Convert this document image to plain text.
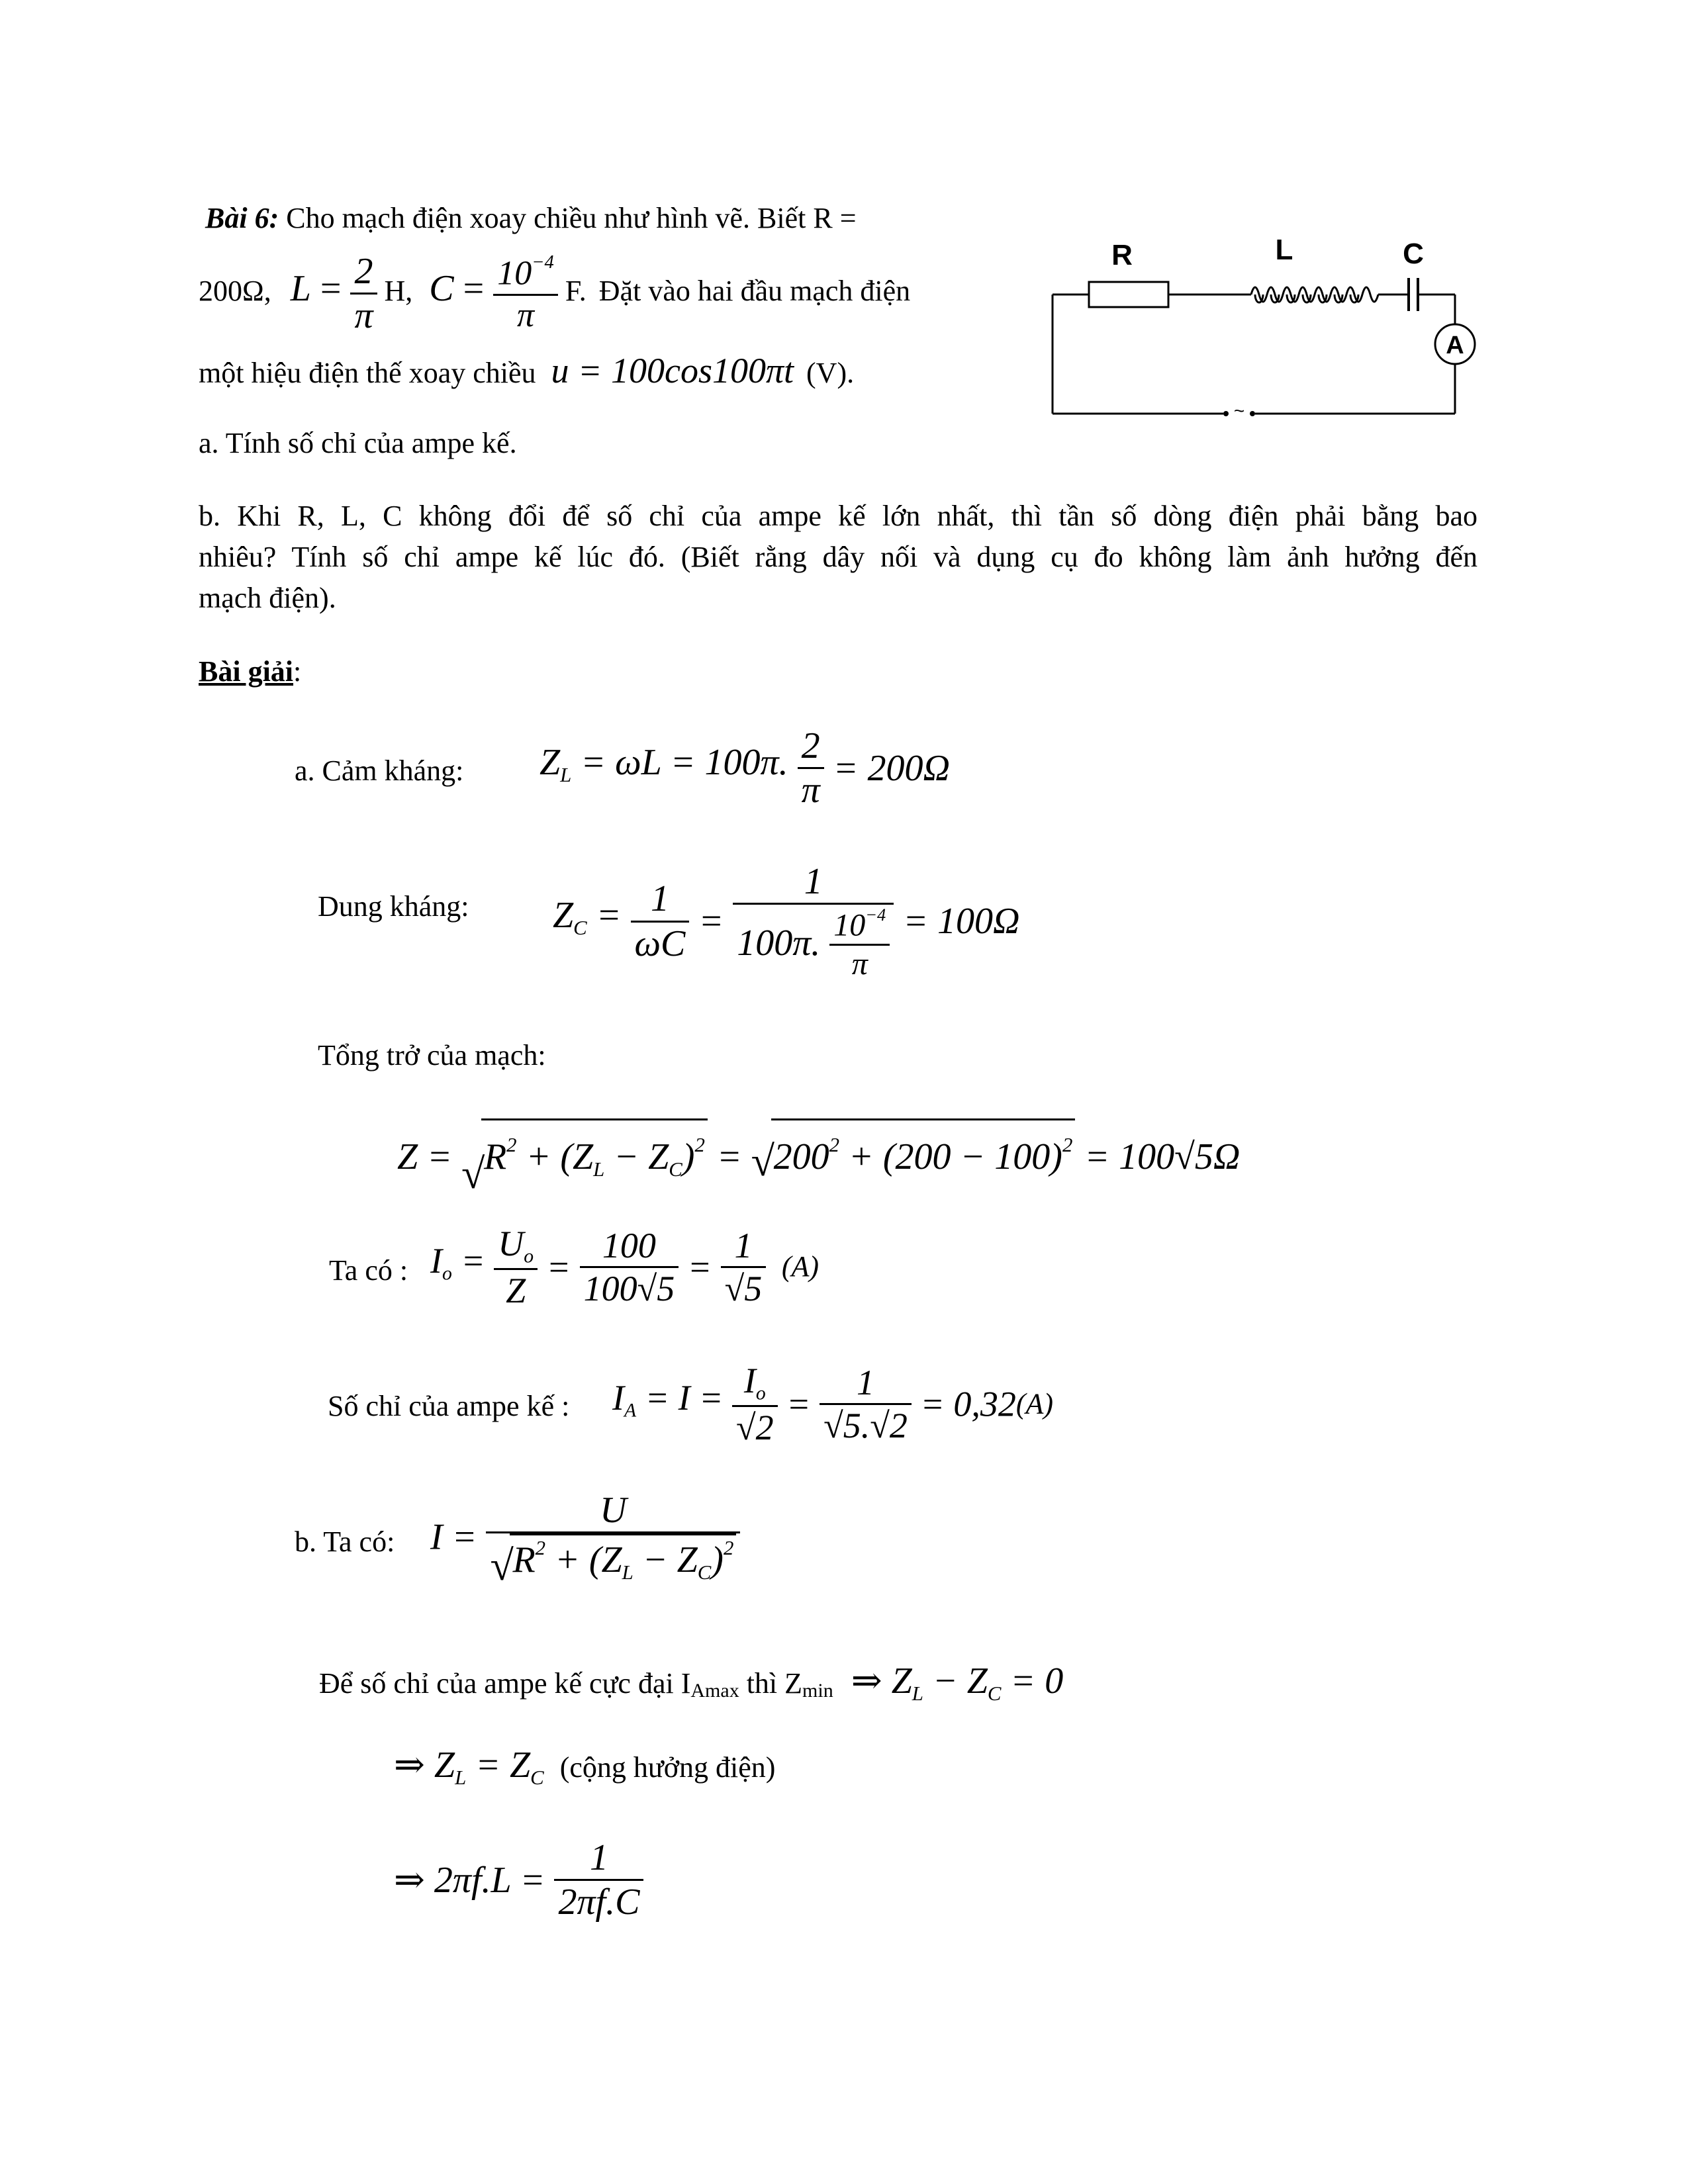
Bài 6: Cho mạch điện xoay chiều như hình vẽ. Biết R =
200Ω, $L = \frac{2}{\pi} H$, $C = \frac{10^{-4}}{\pi} F$. Đặt vào hai đầu mạch điện
một hiệu điện thế xoay chiều u = 100cos100πt (V).
a. Tính số chỉ của ampe kế.
b. Khi R, L, C không đổi để số chỉ của ampe kế lớn nhất, thì tần số dòng điện phải bằng bao
nhiêu? Tính số chỉ ampe kế lúc đó. (Biết rằng dây nối và dụng cụ đo không làm ảnh hưởng đến
mạch điện).
A
~
R	L	C
Bài giải:
a. Cảm kháng: $Z_L = \omega L = 100\pi$. $\frac{2}{\pi} = 200\Omega$
Dung kháng: $Z_C = \frac{1}{\omega C} = \frac{1}{100\pi. \frac{10^{-4}}{\pi}} = 100\Omega$
Tổng trở của mạch:
Z = √
$R^2 + (Z_L - Z_C)^2$ = √
$200^2 + (200 - 100)^2 = 100√5\Omega$
Ta có : $I_o = \frac{U_o}{Z} = \frac{100}{100√5} = \frac{1}{√5} (A)$
Số chỉ của ampe kế : $I_A = I = \frac{I_o}{√2} = \frac{1}{√5.√2} = 0,32(A)$
b. Ta có: I = U
√
$R^2 + (Z_L - Z_C)^2$
Để số chỉ của ampe kế cực đại IAmax thì Zmin ⇒ $Z_L - Z_C = 0$
⇒ $Z_L = Z_C$ (cộng hưởng điện)
⇒ $2\pi f.L = \frac{1}{2\pi f.C}$
